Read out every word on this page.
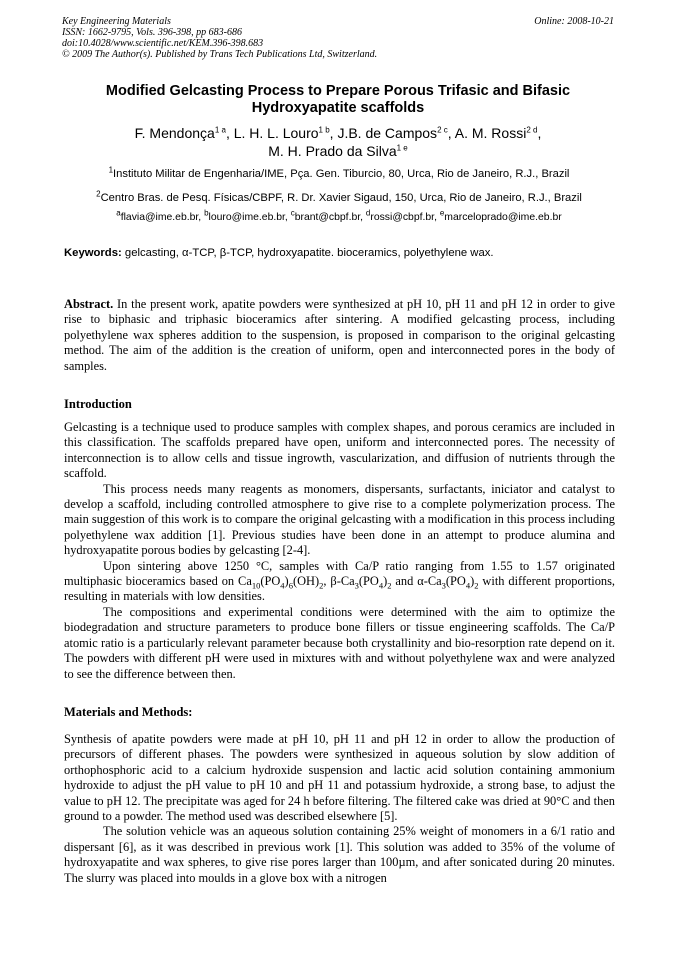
Key Engineering Materials	Online: 2008-10-21
ISSN: 1662-9795, Vols. 396-398, pp 683-686
doi:10.4028/www.scientific.net/KEM.396-398.683
© 2009 The Author(s). Published by Trans Tech Publications Ltd, Switzerland.
Modified Gelcasting Process to Prepare Porous Trifasic and Bifasic
Hydroxyapatite scaffolds
F. Mendonça$^{1 a}$, L. H. L. Louro$^{1 b}$, J.B. de Campos$^{2 c}$, A. M. Rossi$^{2 d}$,
M. H. Prado da Silva$^{1 e}$
$^1$Instituto Militar de Engenharia/IME, Pça. Gen. Tiburcio, 80, Urca, Rio de Janeiro, R.J., Brazil
$^2$Centro Bras. de Pesq. Físicas/CBPF, R. Dr. Xavier Sigaud, 150, Urca, Rio de Janeiro, R.J., Brazil
$^a$flavia@ime.eb.br, $^b$louro@ime.eb.br, $^c$brant@cbpf.br, $^d$rossi@cbpf.br, $^e$marceloprado@ime.eb.br
Keywords: gelcasting, α-TCP, β-TCP, hydroxyapatite. bioceramics, polyethylene wax.

Abstract. In the present work, apatite powders were synthesized at pH 10, pH 11 and pH 12 in order to give rise to biphasic and triphasic bioceramics after sintering. A modified gelcasting process, including polyethylene wax spheres addition to the suspension, is proposed in comparison to the original gelcasting method. The aim of the addition is the creation of uniform, open and interconnected pores in the body of samples.

Introduction

Gelcasting is a technique used to produce samples with complex shapes, and porous ceramics are included in this classification. The scaffolds prepared have open, uniform and interconnected pores. The necessity of interconnection is to allow cells and tissue ingrowth, vascularization, and diffusion of nutrients through the scaffold.

This process needs many reagents as monomers, dispersants, surfactants, iniciator and catalyst to develop a scaffold, including controlled atmosphere to give rise to a complete polymerization process. The main suggestion of this work is to compare the original gelcasting with a modification in this process including polyethylene wax addition [1]. Previous studies have been done in an attempt to produce alumina and hydroxyapatite porous bodies by gelcasting [2-4].

Upon sintering above 1250 °C, samples with Ca/P ratio ranging from 1.55 to 1.57 originated multiphasic bioceramics based on $Ca_{10}(PO_4)_6(OH)_2$, $\beta-Ca_3(PO_4)_2$ and $\alpha-Ca_3(PO_4)_2$ with different proportions, resulting in materials with low densities.

The compositions and experimental conditions were determined with the aim to optimize the biodegradation and structure parameters to produce bone fillers or tissue engineering scaffolds. The Ca/P atomic ratio is a particularly relevant parameter because both crystallinity and bio-resorption rate depend on it. The powders with different pH were used in mixtures with and without polyethylene wax and were analyzed to see the difference between then.

Materials and Methods:

Synthesis of apatite powders were made at pH 10, pH 11 and pH 12 in order to allow the production of precursors of different phases. The powders were synthesized in aqueous solution by slow addition of orthophosphoric acid to a calcium hydroxide suspension and lactic acid solution containing ammonium hydroxide to adjust the pH value to pH 10 and pH 11 and potassium hydroxide, a strong base, to adjust the value to pH 12. The precipitate was aged for 24 h before filtering. The filtered cake was dried at 90°C and then ground to a powder. The method used was described elsewhere [5].

The solution vehicle was an aqueous solution containing 25% weight of monomers in a 6/1 ratio and dispersant [6], as it was described in previous work [1]. This solution was added to 35% of the volume of hydroxyapatite and wax spheres, to give rise pores larger than 100µm, and after sonicated during 20 minutes. The slurry was placed into moulds in a glove box with a nitrogen
